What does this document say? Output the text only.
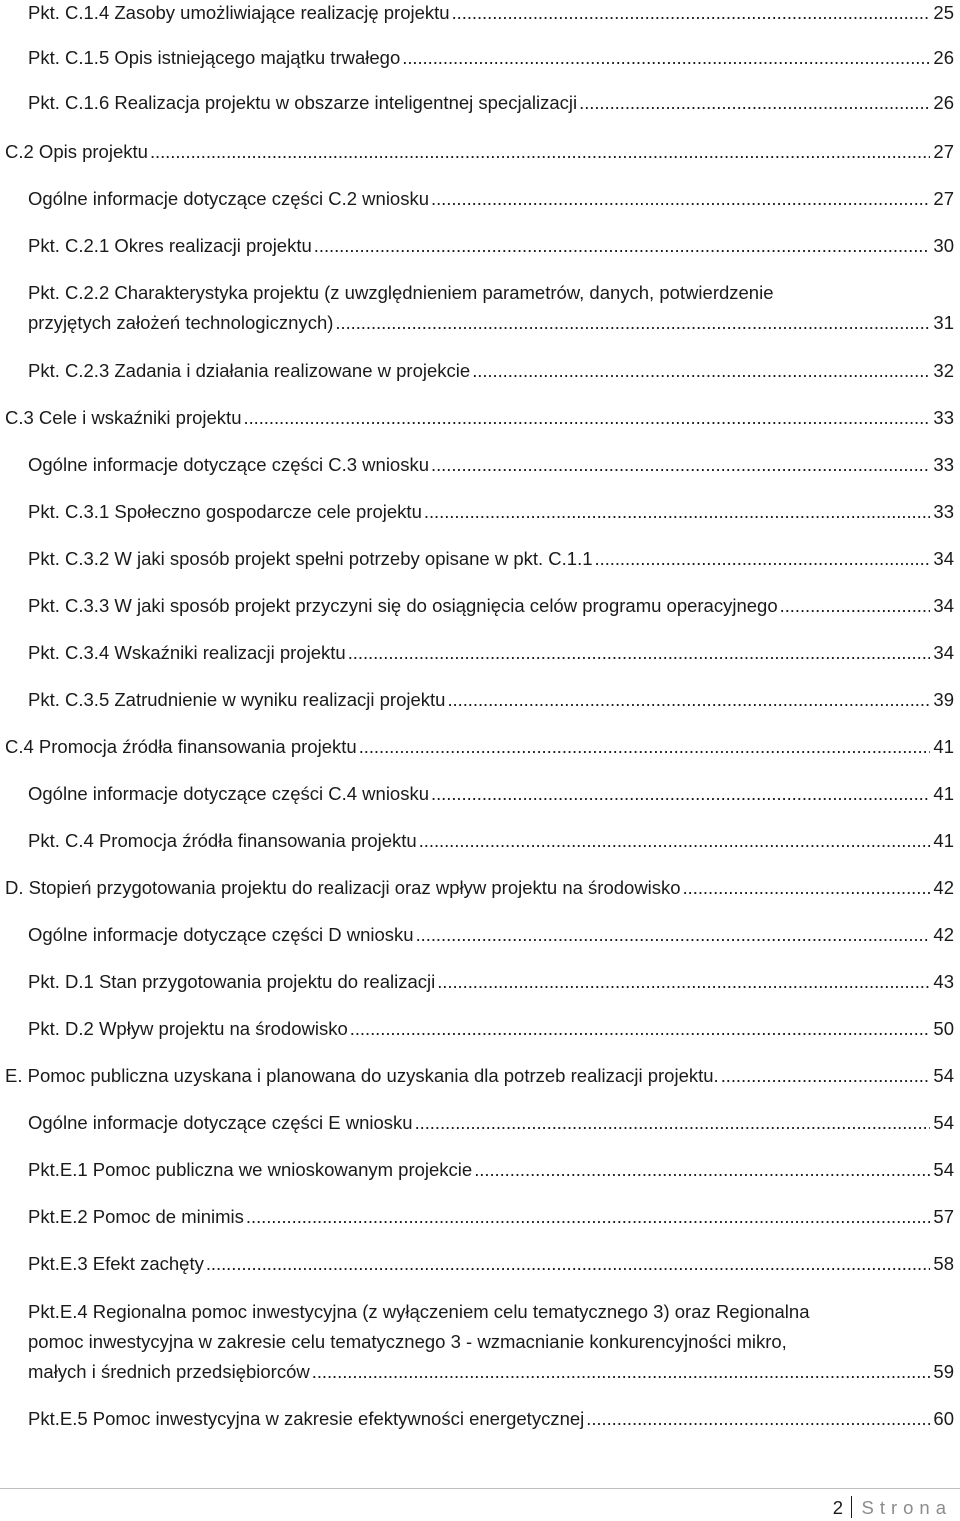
Pkt. C.1.4 Zasoby umożliwiające realizację projektu . . .	25
Pkt. C.1.5 Opis istniejącego majątku trwałego . . .	26
Pkt. C.1.6 Realizacja projektu w obszarze inteligentnej specjalizacji . . .	26
C.2 Opis projektu . . .	27
Ogólne informacje dotyczące części C.2 wniosku . . .	27
Pkt. C.2.1 Okres realizacji projektu . . .	30
Pkt. C.2.2 Charakterystyka projektu (z uwzględnieniem parametrów, danych, potwierdzenie
przyjętych założeń technologicznych) . . .	31
Pkt. C.2.3 Zadania i działania realizowane w projekcie . . .	32
C.3 Cele i wskaźniki projektu . . .	33
Ogólne informacje dotyczące części C.3 wniosku . . .	33
Pkt. C.3.1 Społeczno gospodarcze cele projektu . . .	33
Pkt. C.3.2 W jaki sposób projekt spełni potrzeby opisane w pkt. C.1.1 . . .	34
Pkt. C.3.3 W jaki sposób projekt przyczyni się do osiągnięcia celów programu operacyjnego . . .	34
Pkt. C.3.4 Wskaźniki realizacji projektu . . .	34
Pkt. C.3.5 Zatrudnienie w wyniku realizacji projektu . . .	39
C.4 Promocja źródła finansowania projektu . . .	41
Ogólne informacje dotyczące części C.4 wniosku . . .	41
Pkt. C.4 Promocja źródła finansowania projektu . . .	41
D. Stopień przygotowania projektu do realizacji oraz wpływ projektu na środowisko . . .	42
Ogólne informacje dotyczące części D wniosku . . .	42
Pkt. D.1 Stan przygotowania projektu do realizacji . . .	43
Pkt. D.2 Wpływ projektu na środowisko . . .	50
E. Pomoc publiczna uzyskana i planowana do uzyskania dla potrzeb realizacji projektu. . . .	54
Ogólne informacje dotyczące części E wniosku . . .	54
Pkt.E.1 Pomoc publiczna we wnioskowanym projekcie . . .	54
Pkt.E.2 Pomoc de minimis . . .	57
Pkt.E.3 Efekt zachęty . . .	58
Pkt.E.4 Regionalna pomoc inwestycyjna (z wyłączeniem celu tematycznego 3) oraz Regionalna
pomoc inwestycyjna w zakresie celu tematycznego 3 - wzmacnianie konkurencyjności mikro,
małych i średnich przedsiębiorców . . .	59
Pkt.E.5 Pomoc inwestycyjna w zakresie efektywności energetycznej . . .	60
2 Strona
